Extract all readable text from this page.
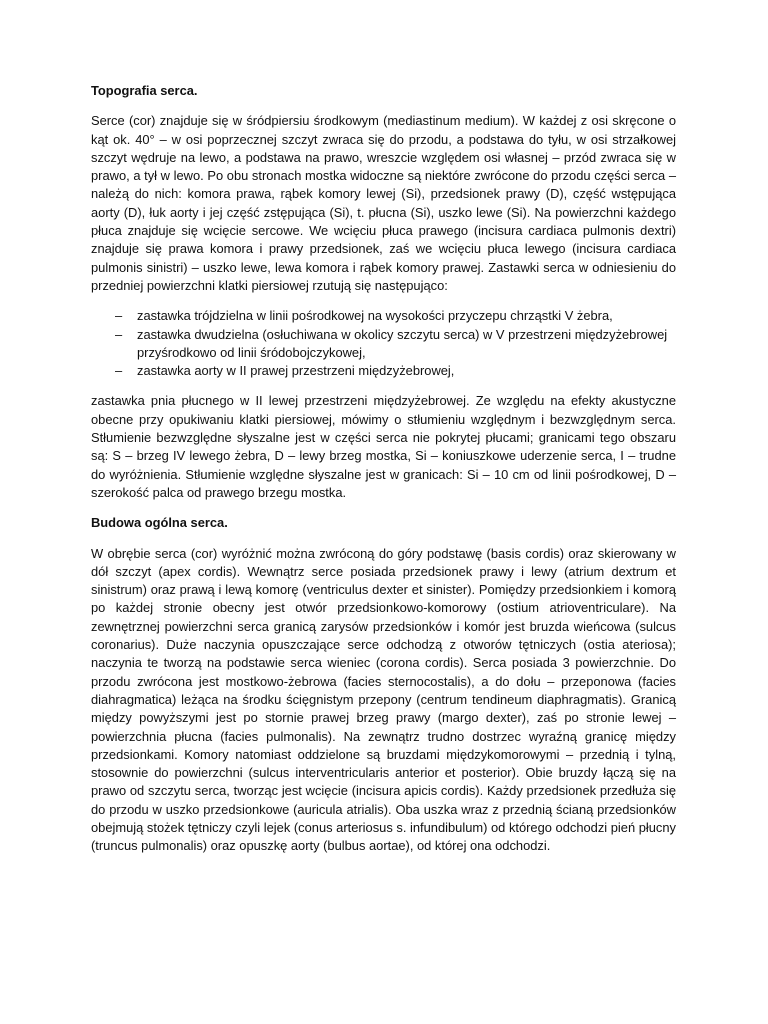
Topografia serca.

Serce (cor) znajduje się w śródpiersiu środkowym (mediastinum medium). W każdej z osi skręcone o kąt ok. 40° – w osi poprzecznej szczyt zwraca się do przodu, a podstawa do tyłu, w osi strzałkowej szczyt wędruje na lewo, a podstawa na prawo, wreszcie względem osi własnej – przód zwraca się w prawo, a tył w lewo. Po obu stronach mostka widoczne są niektóre zwrócone do przodu części serca – należą do nich: komora prawa, rąbek komory lewej (Si), przedsionek prawy (D), część wstępująca aorty (D), łuk aorty i jej część zstępująca (Si), t. płucna (Si), uszko lewe (Si). Na powierzchni każdego płuca znajduje się wcięcie sercowe. We wcięciu płuca prawego (incisura cardiaca pulmonis dextri) znajduje się prawa komora i prawy przedsionek, zaś we wcięciu płuca lewego (incisura cardiaca pulmonis sinistri) – uszko lewe, lewa komora i rąbek komory prawej. Zastawki serca w odniesieniu do przedniej powierzchni klatki piersiowej rzutują się następująco:

– zastawka trójdzielna w linii pośrodkowej na wysokości przyczepu chrząstki V żebra,
– zastawka dwudzielna (osłuchiwana w okolicy szczytu serca) w V przestrzeni międzyżebrowej przyśrodkowo od linii śródobojczykowej,
– zastawka aorty w II prawej przestrzeni międzyżebrowej,

zastawka pnia płucnego w II lewej przestrzeni międzyżebrowej. Ze względu na efekty akustyczne obecne przy opukiwaniu klatki piersiowej, mówimy o stłumieniu względnym i bezwzględnym serca. Stłumienie bezwzględne słyszalne jest w części serca nie pokrytej płucami; granicami tego obszaru są: S – brzeg IV lewego żebra, D – lewy brzeg mostka, Si – koniuszkowe uderzenie serca, I – trudne do wyróżnienia. Stłumienie względne słyszalne jest w granicach: Si – 10 cm od linii pośrodkowej, D – szerokość palca od prawego brzegu mostka.

Budowa ogólna serca.

W obrębie serca (cor) wyróżnić można zwróconą do góry podstawę (basis cordis) oraz skierowany w dół szczyt (apex cordis). Wewnątrz serce posiada przedsionek prawy i lewy (atrium dextrum et sinistrum) oraz prawą i lewą komorę (ventriculus dexter et sinister). Pomiędzy przedsionkiem i komorą po każdej stronie obecny jest otwór przedsionkowo-komorowy (ostium atrioventriculare). Na zewnętrznej powierzchni serca granicą zarysów przedsionków i komór jest bruzda wieńcowa (sulcus coronarius). Duże naczynia opuszczające serce odchodzą z otworów tętniczych (ostia ateriosa); naczynia te tworzą na podstawie serca wieniec (corona cordis). Serca posiada 3 powierzchnie. Do przodu zwrócona jest mostkowo-żebrowa (facies sternocostalis), a do dołu – przeponowa (facies diahragmatica) leżąca na środku ścięgnistym przepony (centrum tendineum diaphragmatis). Granicą między powyższymi jest po stornie prawej brzeg prawy (margo dexter), zaś po stronie lewej – powierzchnia płucna (facies pulmonalis). Na zewnątrz trudno dostrzec wyraźną granicę między przedsionkami. Komory natomiast oddzielone są bruzdami międzykomorowymi – przednią i tylną, stosownie do powierzchni (sulcus interventricularis anterior et posterior). Obie bruzdy łączą się na prawo od szczytu serca, tworząc jest wcięcie (incisura apicis cordis). Każdy przedsionek przedłuża się do przodu w uszko przedsionkowe (auricula atrialis). Oba uszka wraz z przednią ścianą przedsionków obejmują stożek tętniczy czyli lejek (conus arteriosus s. infundibulum) od którego odchodzi pień płucny (truncus pulmonalis) oraz opuszkę aorty (bulbus aortae), od której ona odchodzi.
